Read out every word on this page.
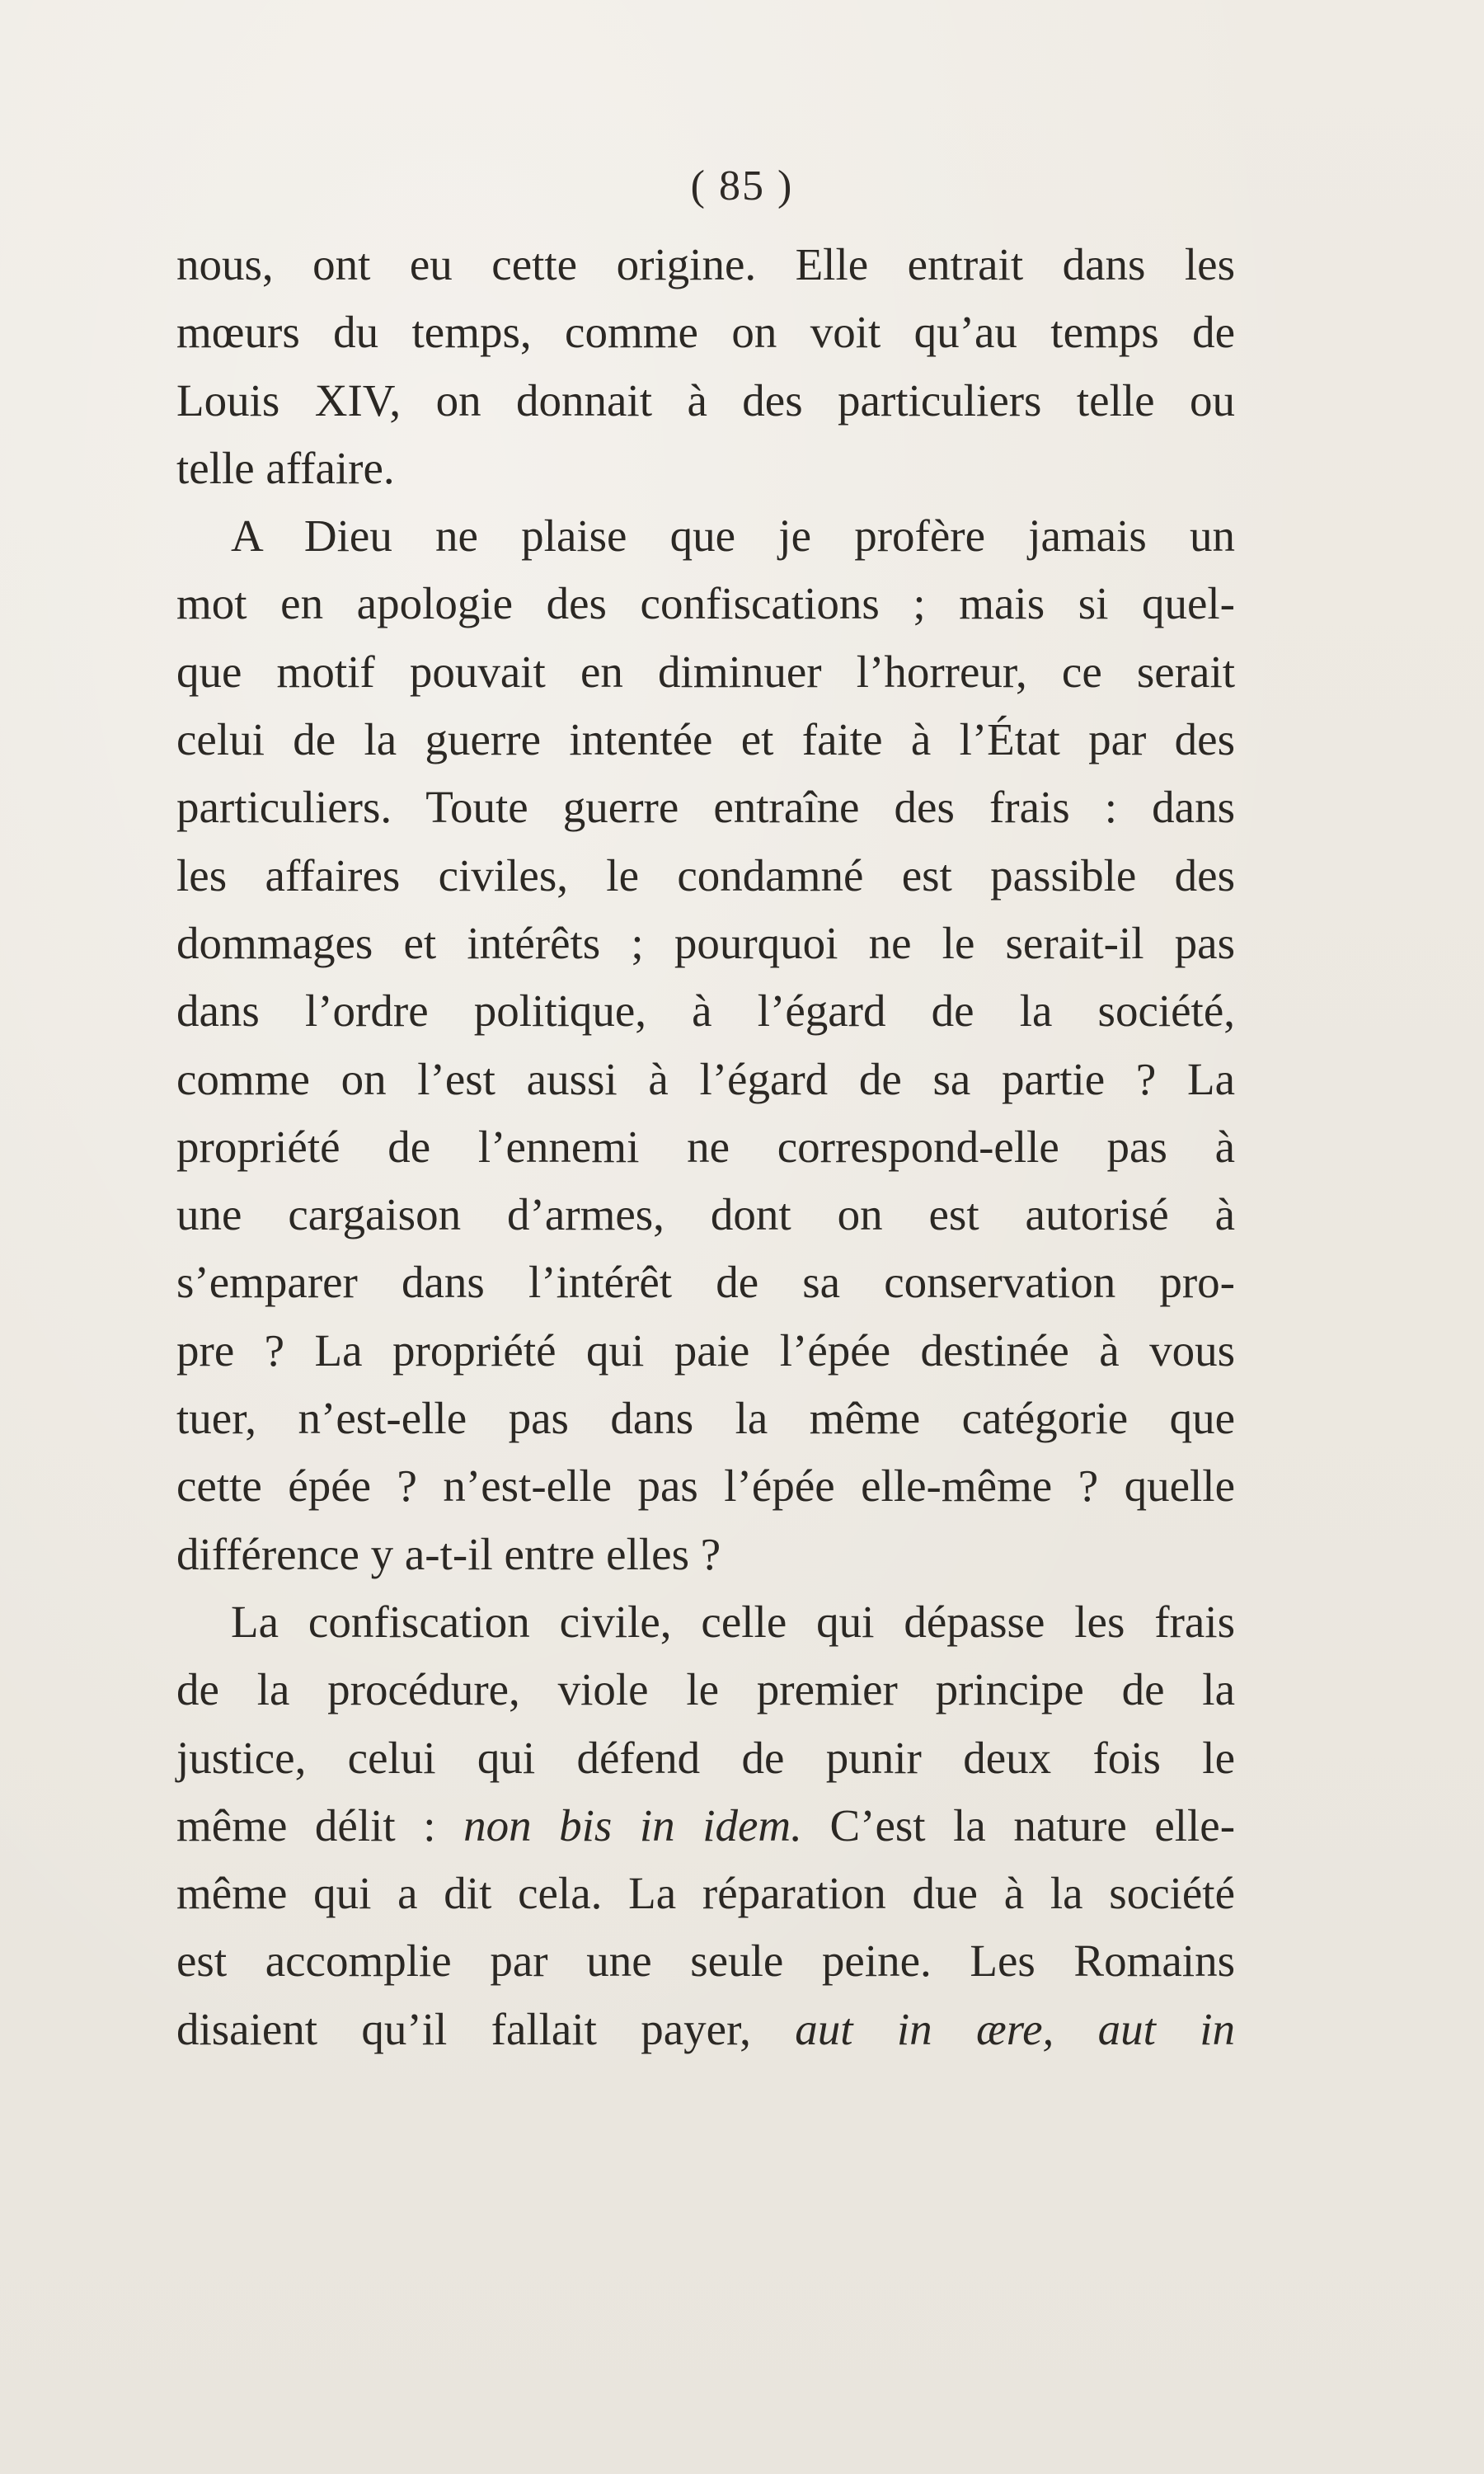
( 85 )
nous, ont eu cette origine. Elle entrait dans les
mœurs du temps, comme on voit qu’au temps de
Louis XIV, on donnait à des particuliers telle ou
telle affaire.
A Dieu ne plaise que je profère jamais un
mot en apologie des confiscations ; mais si quel-
que motif pouvait en diminuer l’horreur, ce serait
celui de la guerre intentée et faite à l’État par des
particuliers. Toute guerre entraîne des frais : dans
les affaires civiles, le condamné est passible des
dommages et intérêts ; pourquoi ne le serait-il pas
dans l’ordre politique, à l’égard de la société,
comme on l’est aussi à l’égard de sa partie ? La
propriété de l’ennemi ne correspond-elle pas à
une cargaison d’armes, dont on est autorisé à
s’emparer dans l’intérêt de sa conservation pro-
pre ? La propriété qui paie l’épée destinée à vous
tuer, n’est-elle pas dans la même catégorie que
cette épée ? n’est-elle pas l’épée elle-même ? quelle
différence y a-t-il entre elles ?
La confiscation civile, celle qui dépasse les frais
de la procédure, viole le premier principe de la
justice, celui qui défend de punir deux fois le
même délit : non bis in idem. C’est la nature elle-
même qui a dit cela. La réparation due à la société
est accomplie par une seule peine. Les Romains
disaient qu’il fallait payer, aut in ære, aut in
